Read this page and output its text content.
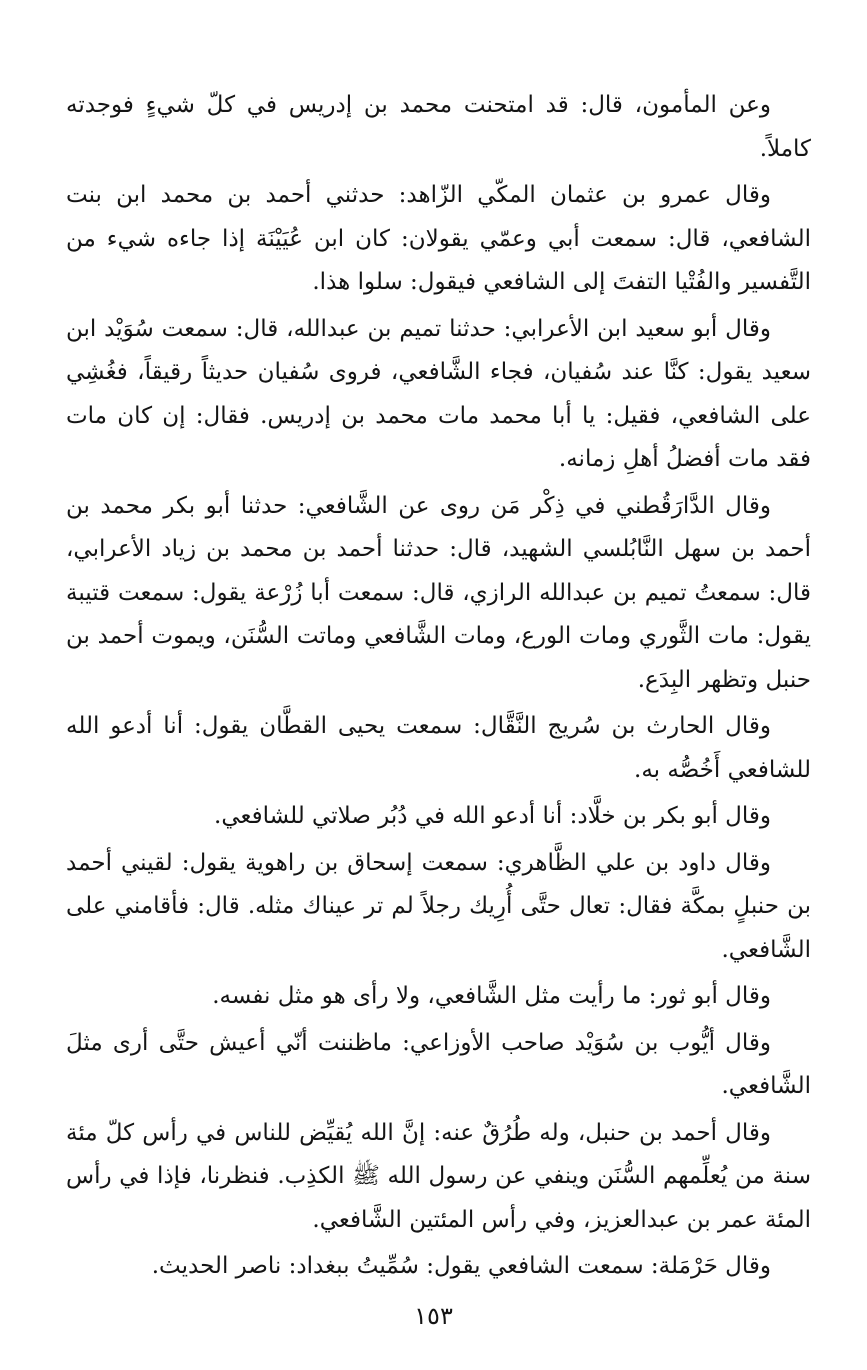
وعن المأمون، قال: قد امتحنت محمد بن إدريس في كلّ شيءٍ فوجدته كاملاً.

وقال عمرو بن عثمان المكّي الزّاهد: حدثني أحمد بن محمد ابن بنت الشافعي، قال: سمعت أبي وعمّي يقولان: كان ابن عُيَيْنَة إذا جاءه شيء من التَّفسير والفُتْيا التفتَ إلى الشافعي فيقول: سلوا هذا.

وقال أبو سعيد ابن الأعرابي: حدثنا تميم بن عبدالله، قال: سمعت سُوَيْد ابن سعيد يقول: كنَّا عند سُفيان، فجاء الشَّافعي، فروى سُفيان حديثاً رقيقاً، فغُشِي على الشافعي، فقيل: يا أبا محمد مات محمد بن إدريس. فقال: إن كان مات فقد مات أفضلُ أهلِ زمانه.

وقال الدَّارَقُطني في ذِكْر مَن روى عن الشَّافعي: حدثنا أبو بكر محمد بن أحمد بن سهل النَّابُلسي الشهيد، قال: حدثنا أحمد بن محمد بن زياد الأعرابي، قال: سمعتُ تميم بن عبدالله الرازي، قال: سمعت أبا زُرْعة يقول: سمعت قتيبة يقول: مات الثَّوري ومات الورع، ومات الشَّافعي وماتت السُّنَن، ويموت أحمد بن حنبل وتظهر البِدَع.

وقال الحارث بن سُريج النَّقَّال: سمعت يحيى القطَّان يقول: أنا أدعو الله للشافعي أَخُصُّه به.

وقال أبو بكر بن خلَّاد: أنا أدعو الله في دُبُر صلاتي للشافعي.

وقال داود بن علي الظَّاهري: سمعت إسحاق بن راهوية يقول: لقيني أحمد بن حنبلٍ بمكَّة فقال: تعال حتَّى أُرِيك رجلاً لم تر عيناك مثله. قال: فأقامني على الشَّافعي.

وقال أبو ثور: ما رأيت مثل الشَّافعي، ولا رأى هو مثل نفسه.

وقال أيُّوب بن سُوَيْد صاحب الأوزاعي: ماظننت أنّي أعيش حتَّى أرى مثلَ الشَّافعي.

وقال أحمد بن حنبل، وله طُرُقٌ عنه: إنَّ الله يُقيِّض للناس في رأس كلّ مئة سنة من يُعلِّمهم السُّنَن وينفي عن رسول الله ﷺ الكذِب. فنظرنا، فإذا في رأس المئة عمر بن عبدالعزيز، وفي رأس المئتين الشَّافعي.

وقال حَرْمَلة: سمعت الشافعي يقول: سُمِّيتُ ببغداد: ناصر الحديث.

١٥٣
